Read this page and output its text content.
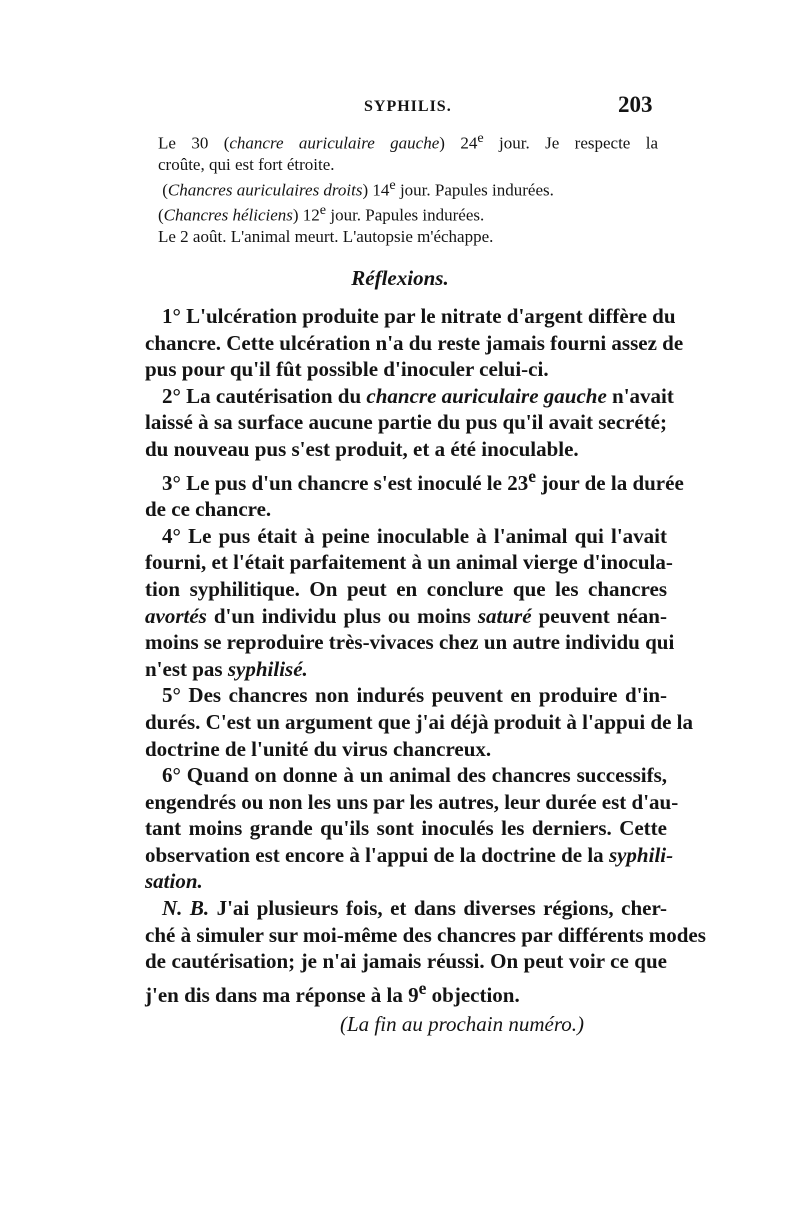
SYPHILIS.	203
Le 30 (chancre auriculaire gauche) 24e jour. Je respecte la
croûte, qui est fort étroite.
(Chancres auriculaires droits) 14e jour. Papules indurées.
(Chancres héliciens) 12e jour. Papules indurées.
Le 2 août. L'animal meurt. L'autopsie m'échappe.
Réflexions.
1° L'ulcération produite par le nitrate d'argent diffère du
chancre. Cette ulcération n'a du reste jamais fourni assez de
pus pour qu'il fût possible d'inoculer celui-ci.
2° La cautérisation du chancre auriculaire gauche n'avait
laissé à sa surface aucune partie du pus qu'il avait secrété;
du nouveau pus s'est produit, et a été inoculable.
3° Le pus d'un chancre s'est inoculé le 23e jour de la durée
de ce chancre.
4° Le pus était à peine inoculable à l'animal qui l'avait
fourni, et l'était parfaitement à un animal vierge d'inocula-
tion syphilitique. On peut en conclure que les chancres
avortés d'un individu plus ou moins saturé peuvent néan-
moins se reproduire très-vivaces chez un autre individu qui
n'est pas syphilisé.
5° Des chancres non indurés peuvent en produire d'in-
durés. C'est un argument que j'ai déjà produit à l'appui de la
doctrine de l'unité du virus chancreux.
6° Quand on donne à un animal des chancres successifs,
engendrés ou non les uns par les autres, leur durée est d'au-
tant moins grande qu'ils sont inoculés les derniers. Cette
observation est encore à l'appui de la doctrine de la syphili-
sation.
N. B. J'ai plusieurs fois, et dans diverses régions, cher-
ché à simuler sur moi-même des chancres par différents modes
de cautérisation; je n'ai jamais réussi. On peut voir ce que
j'en dis dans ma réponse à la 9e objection.
(La fin au prochain numéro.)
